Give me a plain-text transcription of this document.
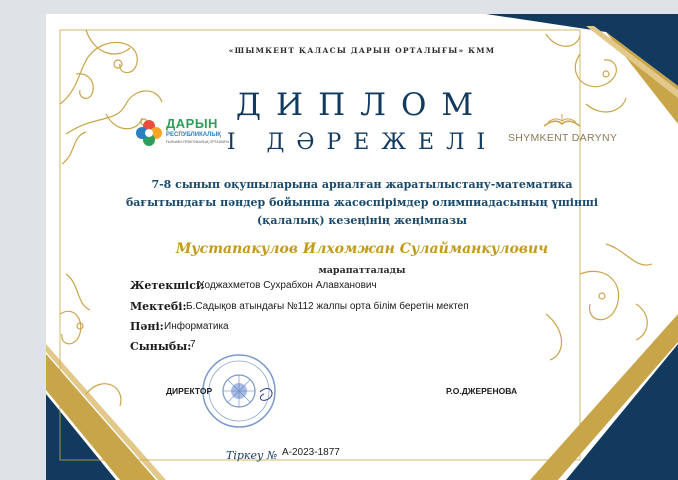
«ШЫМКЕНТ ҚАЛАСЫ ДАРЫН ОРТАЛЫҒЫ» КММ
ДАРЫН
РЕСПУБЛИКАЛЫҚ
ҒЫЛЫМИ-ПРАКТИКАЛЫҚ ОРТАЛЫҒЫ	SHYMKENT DARYNY
ДИПЛОМ
І ДӘРЕЖЕЛІ
7-8 сынып оқушыларына арналған жаратылыстану-математика бағытындағы пәндер бойынша жасөспірімдер олимпиадасының үшінші (қалалық) кезеңінің жеңімпазы
Мустапакулов Илхомжан Сулайманкулович
марапатталады
Жетекшісі:
Ходжахметов Сухрабхон Алавханович
Мектебі: Б.Садықов атындағы №112 жалпы орта білім беретін мектеп
Пәні: Информатика
Сыныбы:
7
ДИРЕКТОР	Р.О.ДЖЕРЕНОВА
Тіркеу № А-2023-1877
